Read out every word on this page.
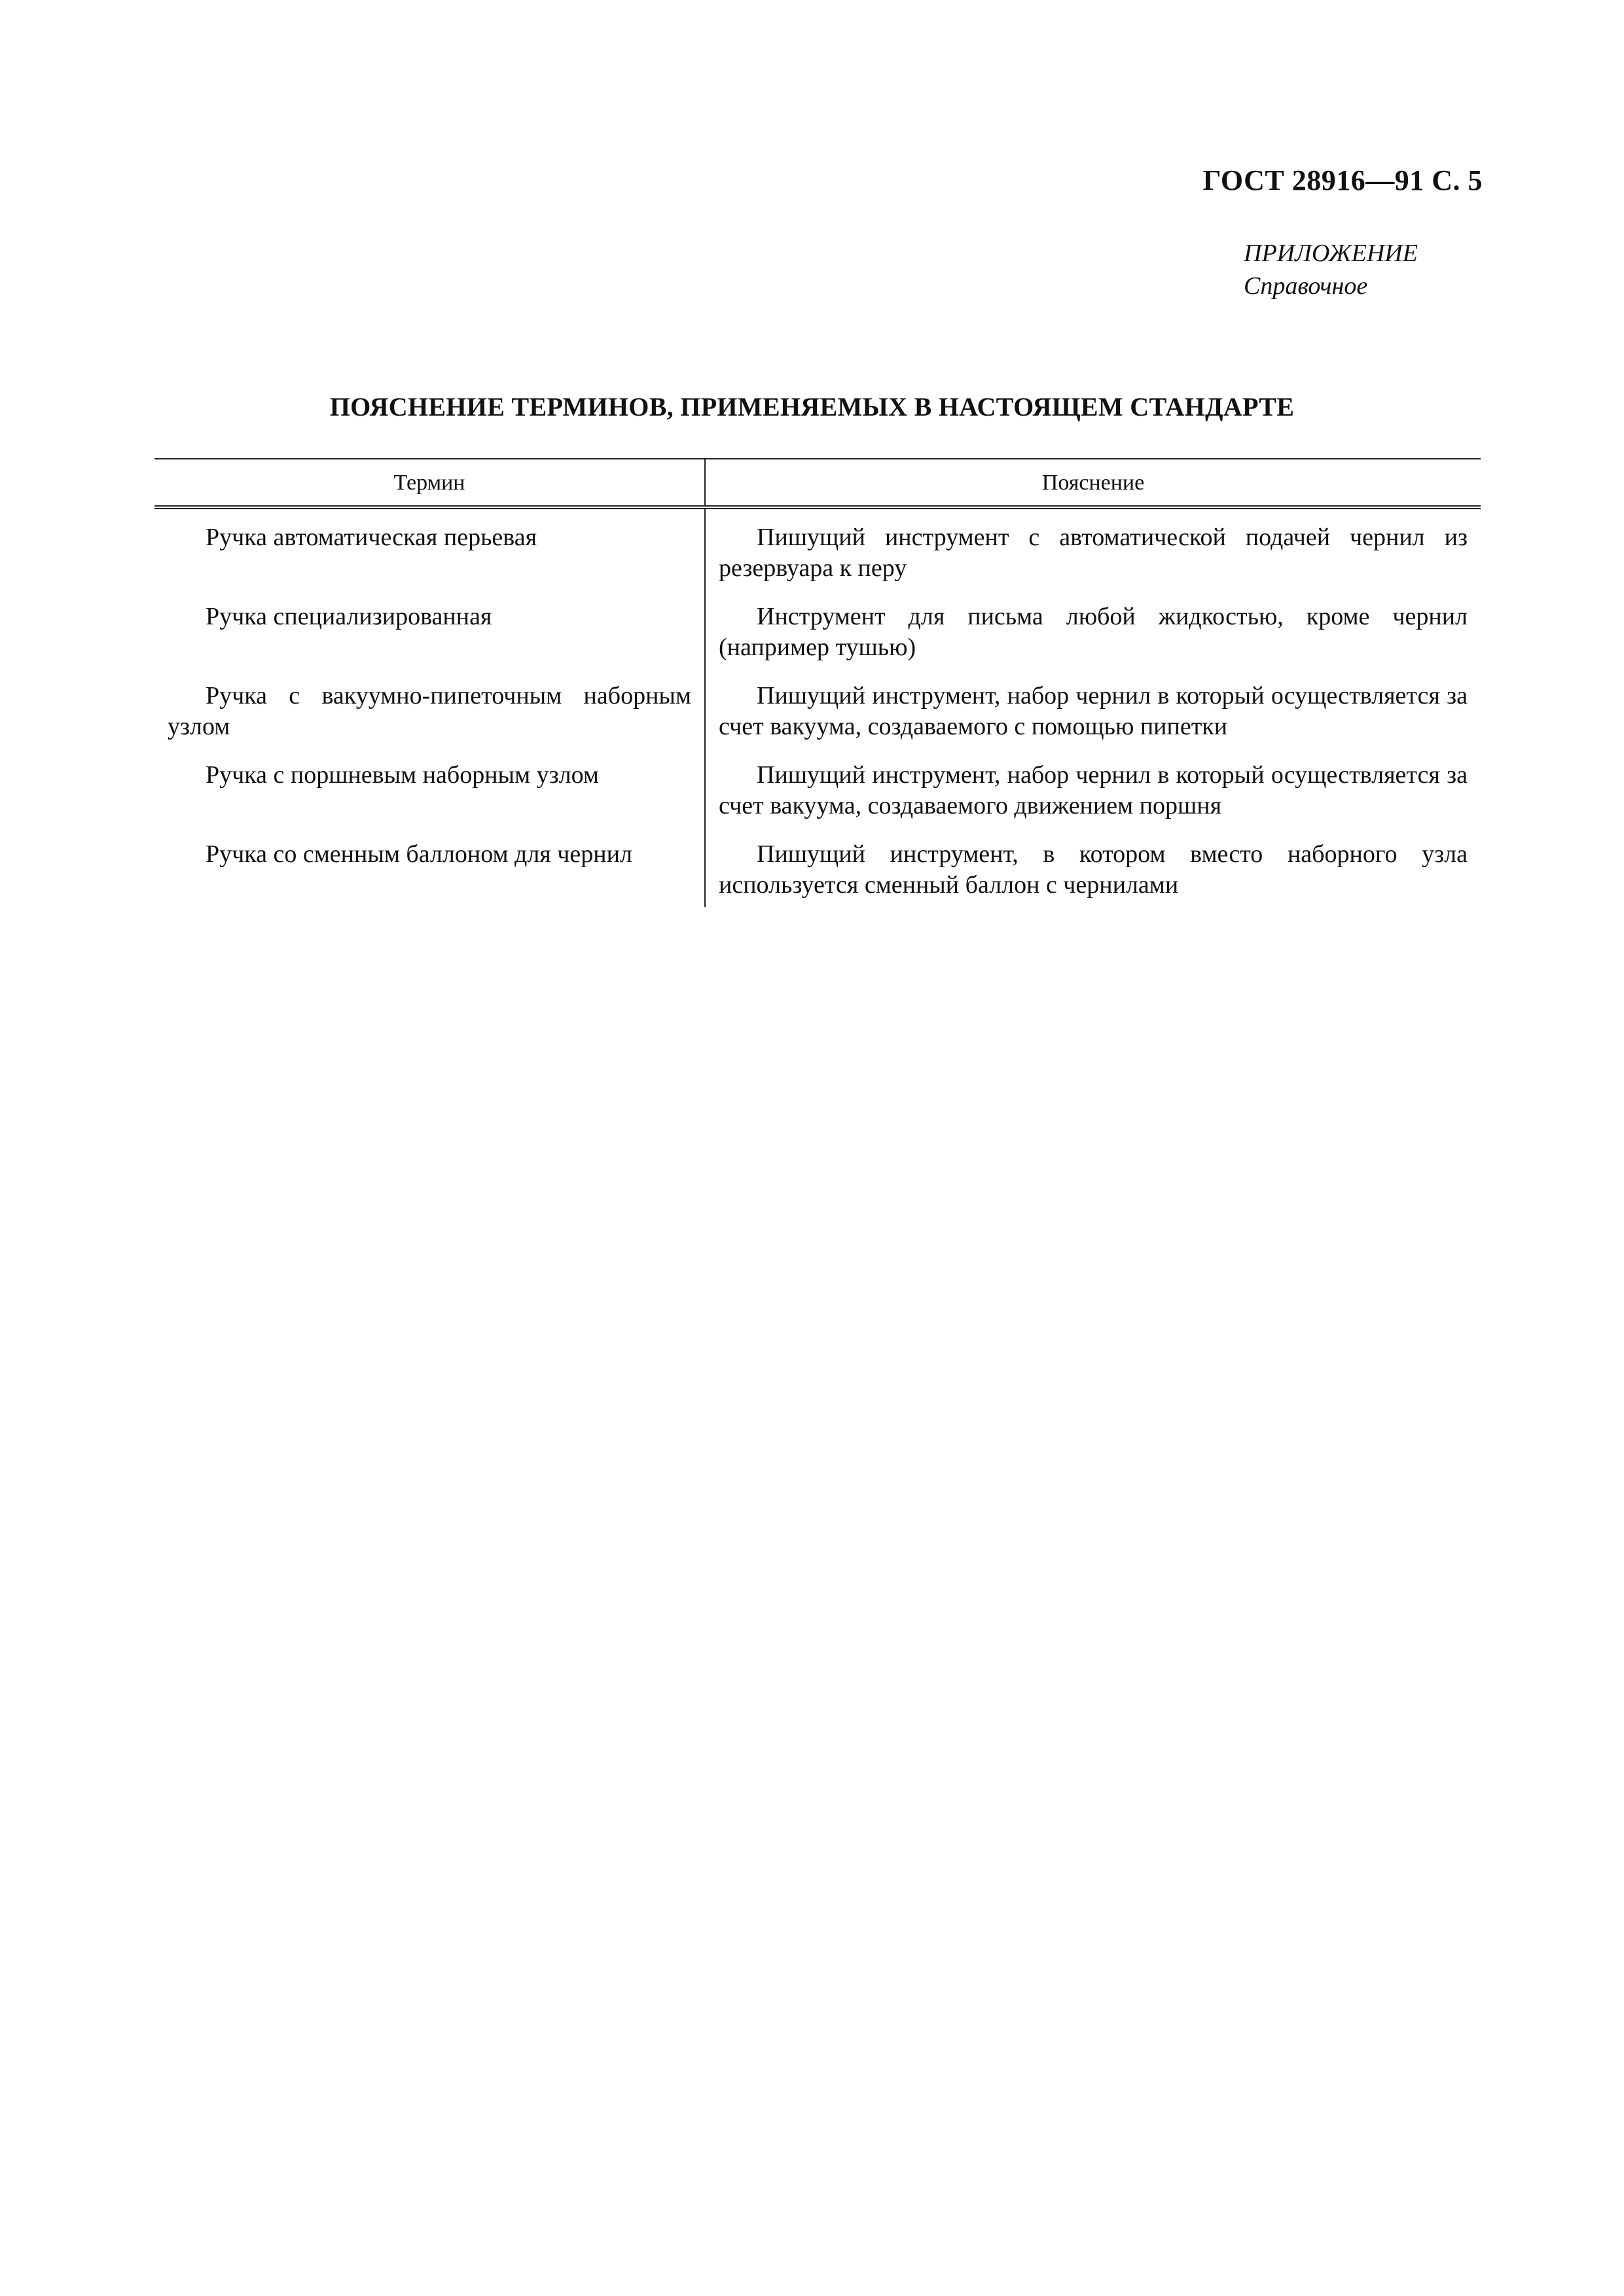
ГОСТ 28916—91 С. 5
ПРИЛОЖЕНИЕ
Справочное
ПОЯСНЕНИЕ ТЕРМИНОВ, ПРИМЕНЯЕМЫХ В НАСТОЯЩЕМ СТАНДАРТЕ
Термин	Пояснение
Ручка автоматическая перьевая	Пишущий инструмент с автоматической подачей чернил из резервуара к перу
Ручка специализированная	Инструмент для письма любой жидкостью, кроме чернил (например тушью)
Ручка с вакуумно-пипеточным наборным узлом	Пишущий инструмент, набор чернил в который осуществляется за счет вакуума, создаваемого с помощью пипетки
Ручка с поршневым наборным узлом	Пишущий инструмент, набор чернил в который осуществляется за счет вакуума, создаваемого движением поршня
Ручка со сменным баллоном для чернил	Пишущий инструмент, в котором вместо наборного узла используется сменный баллон с чернилами
